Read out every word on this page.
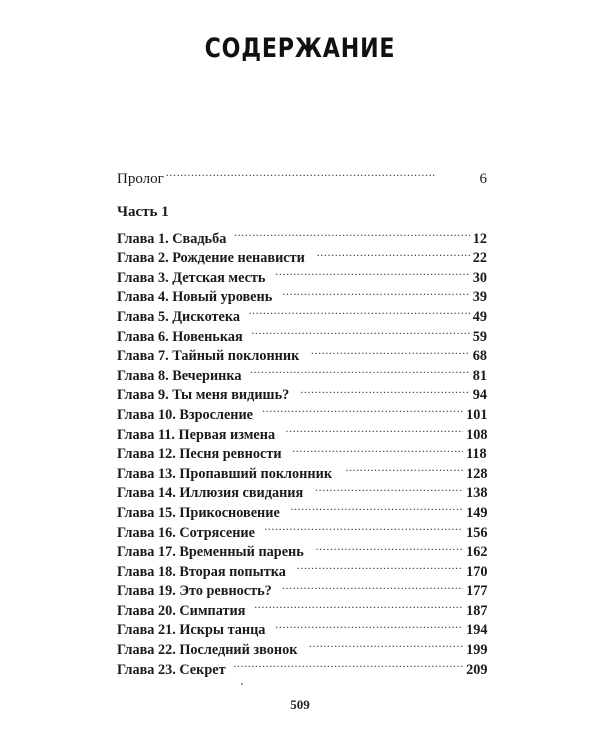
СОДЕРЖАНИЕ
Пролог . . .	6
Часть 1
Глава 1. Свадьба . . .	12
Глава 2. Рождение ненависти . . .	22
Глава 3. Детская месть . . .	30
Глава 4. Новый уровень . . .	39
Глава 5. Дискотека . . .	49
Глава 6. Новенькая . . .	59
Глава 7. Тайный поклонник . . .	68
Глава 8. Вечеринка . . .	81
Глава 9. Ты меня видишь? . . .	94
Глава 10. Взросление . . .	101
Глава 11. Первая измена . . .	108
Глава 12. Песня ревности . . .	118
Глава 13. Пропавший поклонник . . .	128
Глава 14. Иллюзия свидания . . .	138
Глава 15. Прикосновение . . .	149
Глава 16. Сотрясение . . .	156
Глава 17. Временный парень . . .	162
Глава 18. Вторая попытка . . .	170
Глава 19. Это ревность? . . .	177
Глава 20. Симпатия . . .	187
Глава 21. Искры танца . . .	194
Глава 22. Последний звонок . . .	199
Глава 23. Секрет . . .	209
509
